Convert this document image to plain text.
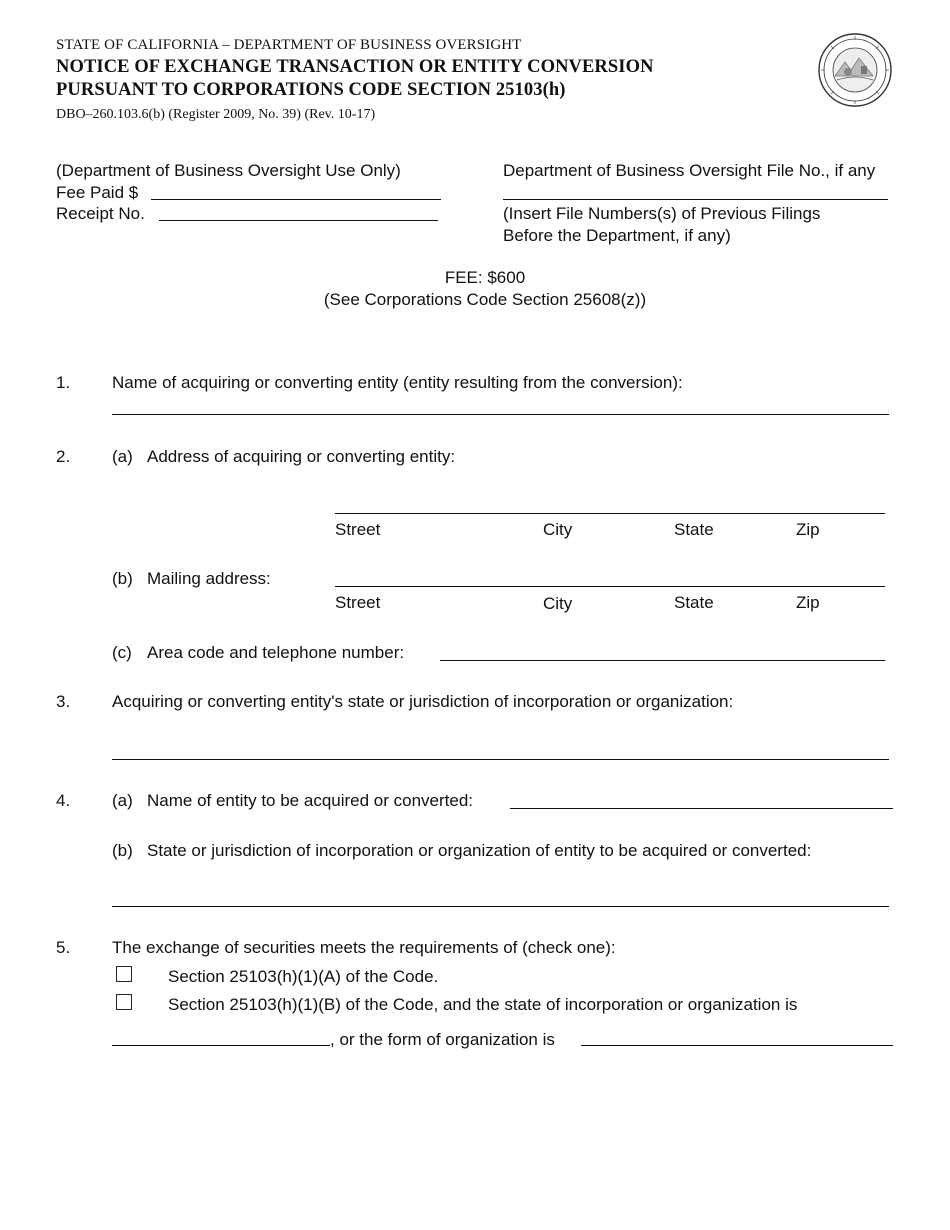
STATE OF CALIFORNIA – DEPARTMENT OF BUSINESS OVERSIGHT
NOTICE OF EXCHANGE TRANSACTION OR ENTITY CONVERSION
PURSUANT TO CORPORATIONS CODE SECTION 25103(h)
DBO–260.103.6(b) (Register 2009, No. 39) (Rev. 10-17)
(Department of Business Oversight Use Only)
Fee Paid $
Receipt No.
Department of Business Oversight File No., if any
(Insert File Numbers(s) of Previous Filings
Before the Department, if any)
FEE: $600
(See Corporations Code Section 25608(z))
1. Name of acquiring or converting entity (entity resulting from the conversion):
2. (a) Address of acquiring or converting entity:
Street	City	State	Zip
(b) Mailing address:
Street	City	State	Zip
(c) Area code and telephone number:
3. Acquiring or converting entity's state or jurisdiction of incorporation or organization:
4. (a) Name of entity to be acquired or converted:
(b) State or jurisdiction of incorporation or organization of entity to be acquired or converted:
5. The exchange of securities meets the requirements of (check one):
Section 25103(h)(1)(A) of the Code.
Section 25103(h)(1)(B) of the Code, and the state of incorporation or organization is
, or the form of organization is
